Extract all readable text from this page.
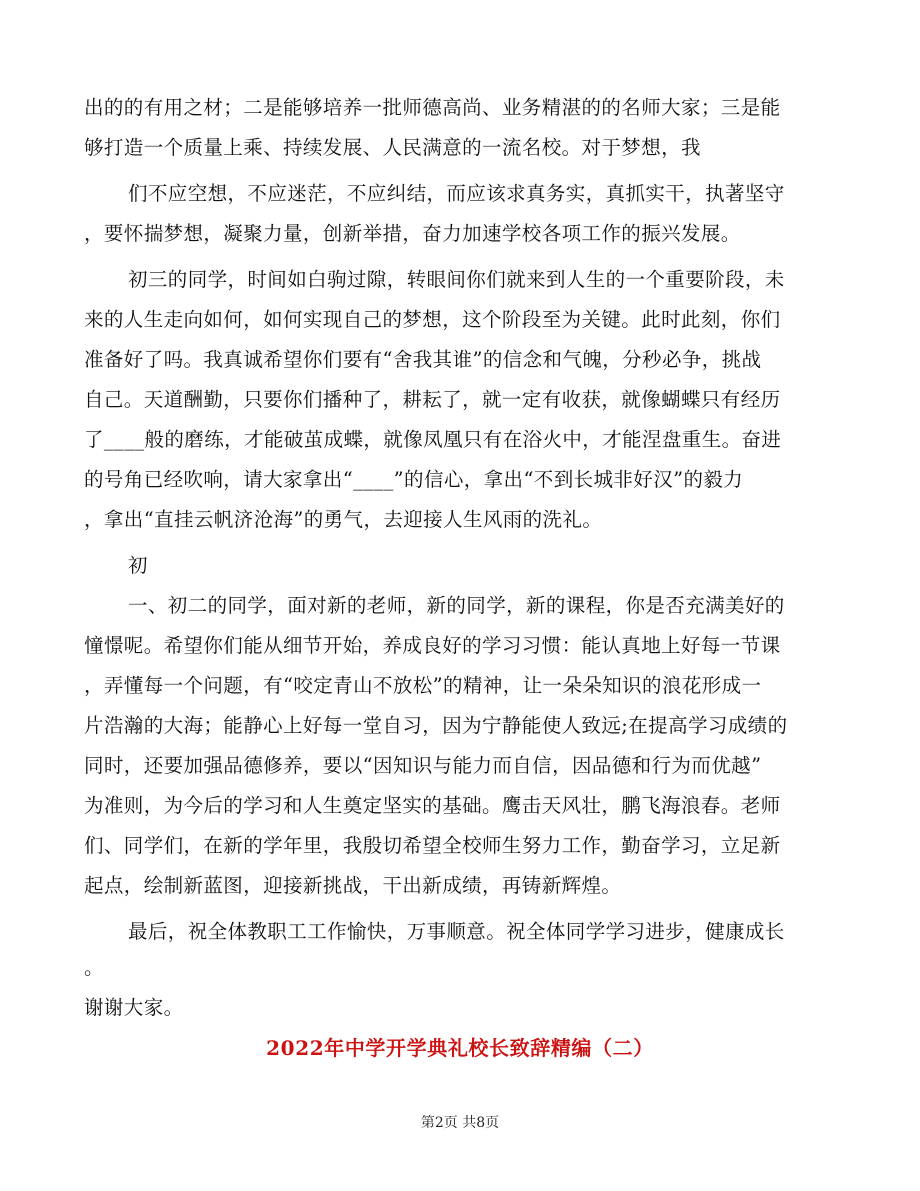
出的的有用之材；二是能够培养一批师德高尚、业务精湛的的名师大家；三是能
够打造一个质量上乘、持续发展、人民满意的一流名校。对于梦想，我
们不应空想，不应迷茫，不应纠结，而应该求真务实，真抓实干，执著坚守
，要怀揣梦想，凝聚力量，创新举措，奋力加速学校各项工作的振兴发展。
初三的同学，时间如白驹过隙，转眼间你们就来到人生的一个重要阶段，未
来的人生走向如何，如何实现自己的梦想，这个阶段至为关键。此时此刻，你们
准备好了吗。我真诚希望你们要有“舍我其谁”的信念和气魄，分秒必争，挑战
自己。天道酬勤，只要你们播种了，耕耘了，就一定有收获，就像蝴蝶只有经历
了____般的磨练，才能破茧成蝶，就像凤凰只有在浴火中，才能涅盘重生。奋进
的号角已经吹响，请大家拿出“____”的信心，拿出“不到长城非好汉”的毅力
，拿出“直挂云帆济沧海”的勇气，去迎接人生风雨的洗礼。
初
一、初二的同学，面对新的老师，新的同学，新的课程，你是否充满美好的
憧憬呢。希望你们能从细节开始，养成良好的学习习惯：能认真地上好每一节课
，弄懂每一个问题，有“咬定青山不放松”的精神，让一朵朵知识的浪花形成一
片浩瀚的大海；能静心上好每一堂自习，因为宁静能使人致远;在提高学习成绩的
同时，还要加强品德修养，要以“因知识与能力而自信，因品德和行为而优越”
为准则，为今后的学习和人生奠定坚实的基础。鹰击天风壮，鹏飞海浪春。老师
们、同学们，在新的学年里，我殷切希望全校师生努力工作，勤奋学习，立足新
起点，绘制新蓝图，迎接新挑战，干出新成绩，再铸新辉煌。
最后，祝全体教职工工作愉快，万事顺意。祝全体同学学习进步，健康成长
。
谢谢大家。
2022年中学开学典礼校长致辞精编（二）
第2页 共8页
